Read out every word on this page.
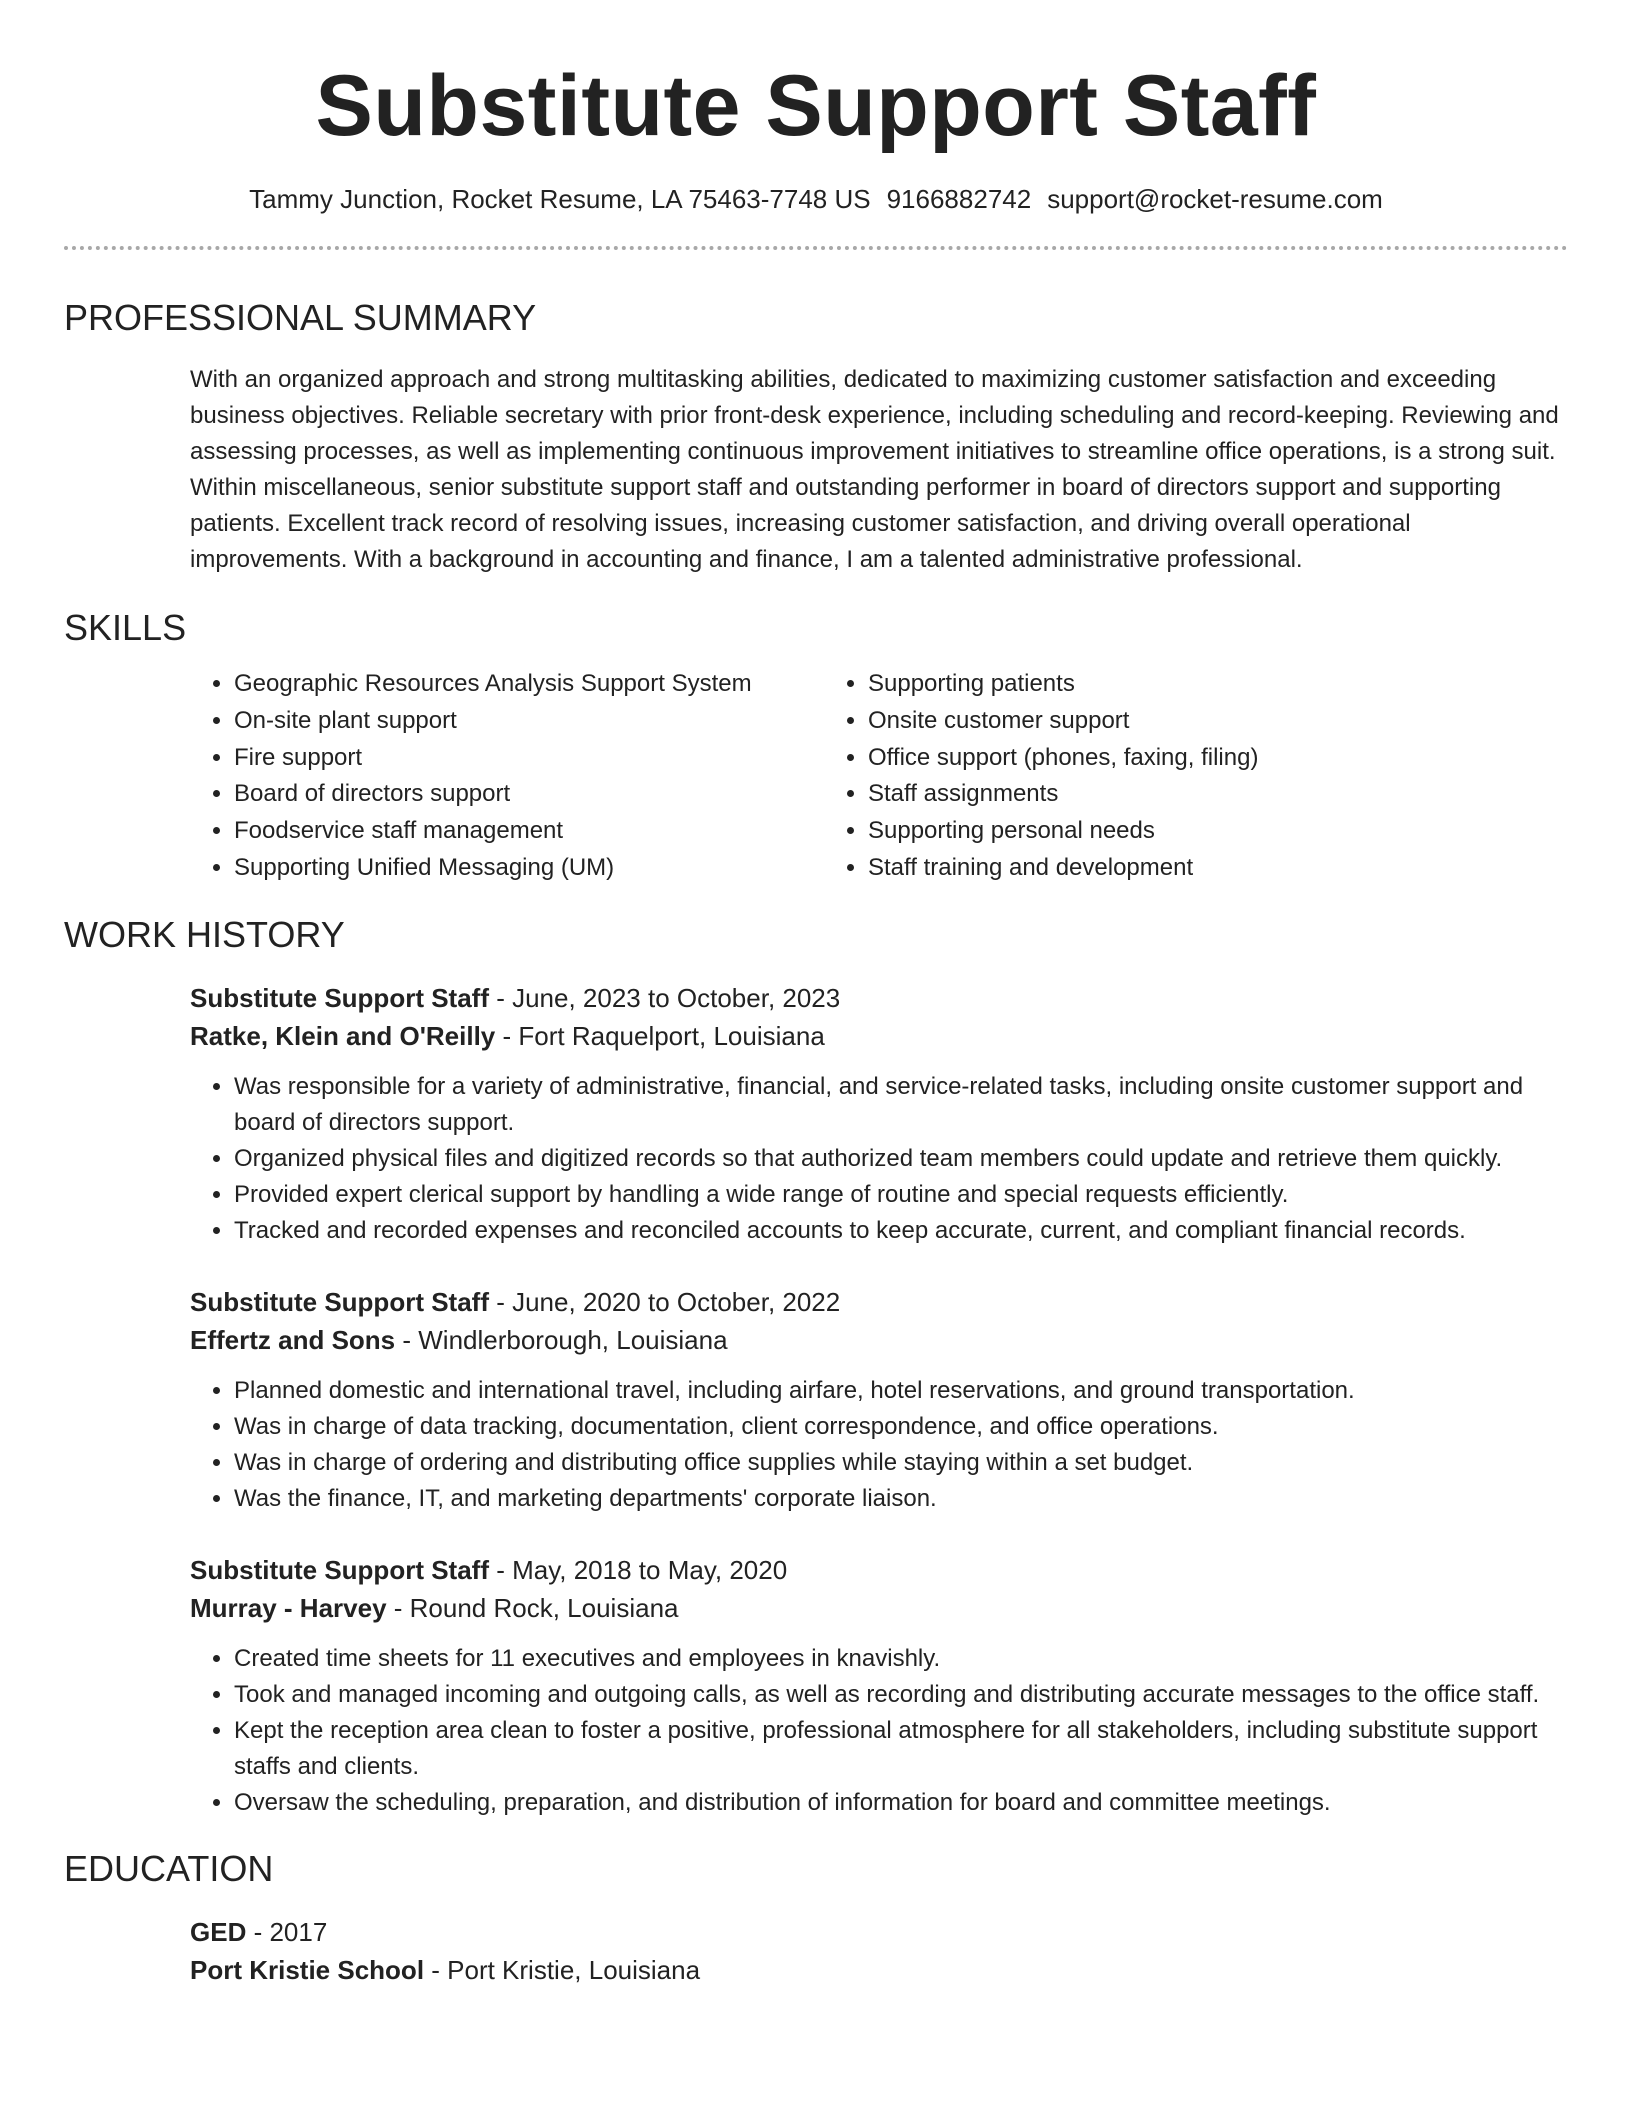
Substitute Support Staff
Tammy Junction, Rocket Resume, LA 75463-7748 US 9166882742 support@rocket-resume.com
PROFESSIONAL SUMMARY
With an organized approach and strong multitasking abilities, dedicated to maximizing customer satisfaction and exceeding business objectives. Reliable secretary with prior front-desk experience, including scheduling and record-keeping. Reviewing and assessing processes, as well as implementing continuous improvement initiatives to streamline office operations, is a strong suit. Within miscellaneous, senior substitute support staff and outstanding performer in board of directors support and supporting patients. Excellent track record of resolving issues, increasing customer satisfaction, and driving overall operational improvements. With a background in accounting and finance, I am a talented administrative professional.
SKILLS
• Geographic Resources Analysis Support System
• On-site plant support
• Fire support
• Board of directors support
• Foodservice staff management
• Supporting Unified Messaging (UM)
• Supporting patients
• Onsite customer support
• Office support (phones, faxing, filing)
• Staff assignments
• Supporting personal needs
• Staff training and development
WORK HISTORY
Substitute Support Staff - June, 2023 to October, 2023
Ratke, Klein and O'Reilly - Fort Raquelport, Louisiana
• Was responsible for a variety of administrative, financial, and service-related tasks, including onsite customer support and board of directors support.
• Organized physical files and digitized records so that authorized team members could update and retrieve them quickly.
• Provided expert clerical support by handling a wide range of routine and special requests efficiently.
• Tracked and recorded expenses and reconciled accounts to keep accurate, current, and compliant financial records.
Substitute Support Staff - June, 2020 to October, 2022
Effertz and Sons - Windlerborough, Louisiana
• Planned domestic and international travel, including airfare, hotel reservations, and ground transportation.
• Was in charge of data tracking, documentation, client correspondence, and office operations.
• Was in charge of ordering and distributing office supplies while staying within a set budget.
• Was the finance, IT, and marketing departments' corporate liaison.
Substitute Support Staff - May, 2018 to May, 2020
Murray - Harvey - Round Rock, Louisiana
• Created time sheets for 11 executives and employees in knavishly.
• Took and managed incoming and outgoing calls, as well as recording and distributing accurate messages to the office staff.
• Kept the reception area clean to foster a positive, professional atmosphere for all stakeholders, including substitute support staffs and clients.
• Oversaw the scheduling, preparation, and distribution of information for board and committee meetings.
EDUCATION
GED - 2017
Port Kristie School - Port Kristie, Louisiana
